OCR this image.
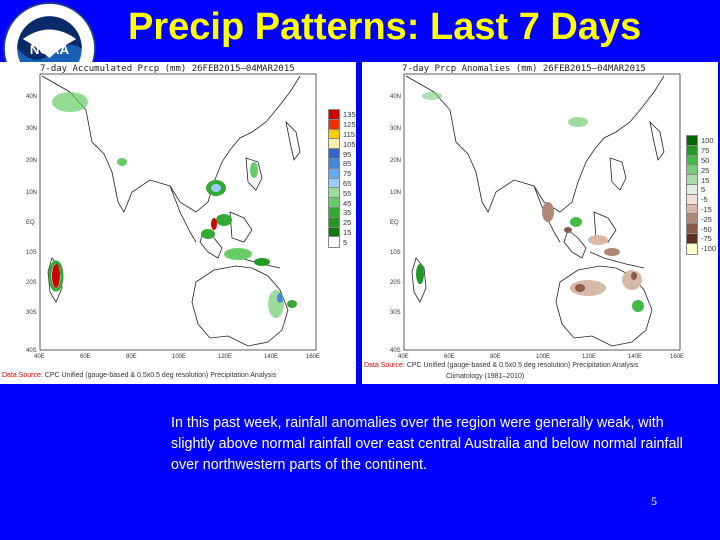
NOAA
Precip Patterns: Last 7 Days
7-day Accumulated Prcp (mm) 26FEB2015–04MAR2015
40N
30N
20N
10N
EQ
10S
20S
30S
40S
40E	60E	80E	100E	120E	140E	160E
135
125
115
105
95
85
75
65
55
45
35
25
15
5
Data Source: CPC Unified (gauge-based & 0.5x0.5 deg resolution) Precipitation Analysis
7-day Prcp Anomalies (mm) 26FEB2015–04MAR2015
40N
30N
20N
10N
EQ
10S
20S
30S
40S
40E	60E	80E	100E	120E	140E	160E
100
75
50
25
15
5
-5
-15
-25
-50
-75
-100
Data Source: CPC Unified (gauge-based & 0.5x0.5 deg resolution) Precipitation Analysis
Climatology (1981–2010)
In this past week, rainfall anomalies over the region were generally weak, with slightly above normal rainfall over east central Australia and below normal rainfall over northwestern parts of the continent.
5
